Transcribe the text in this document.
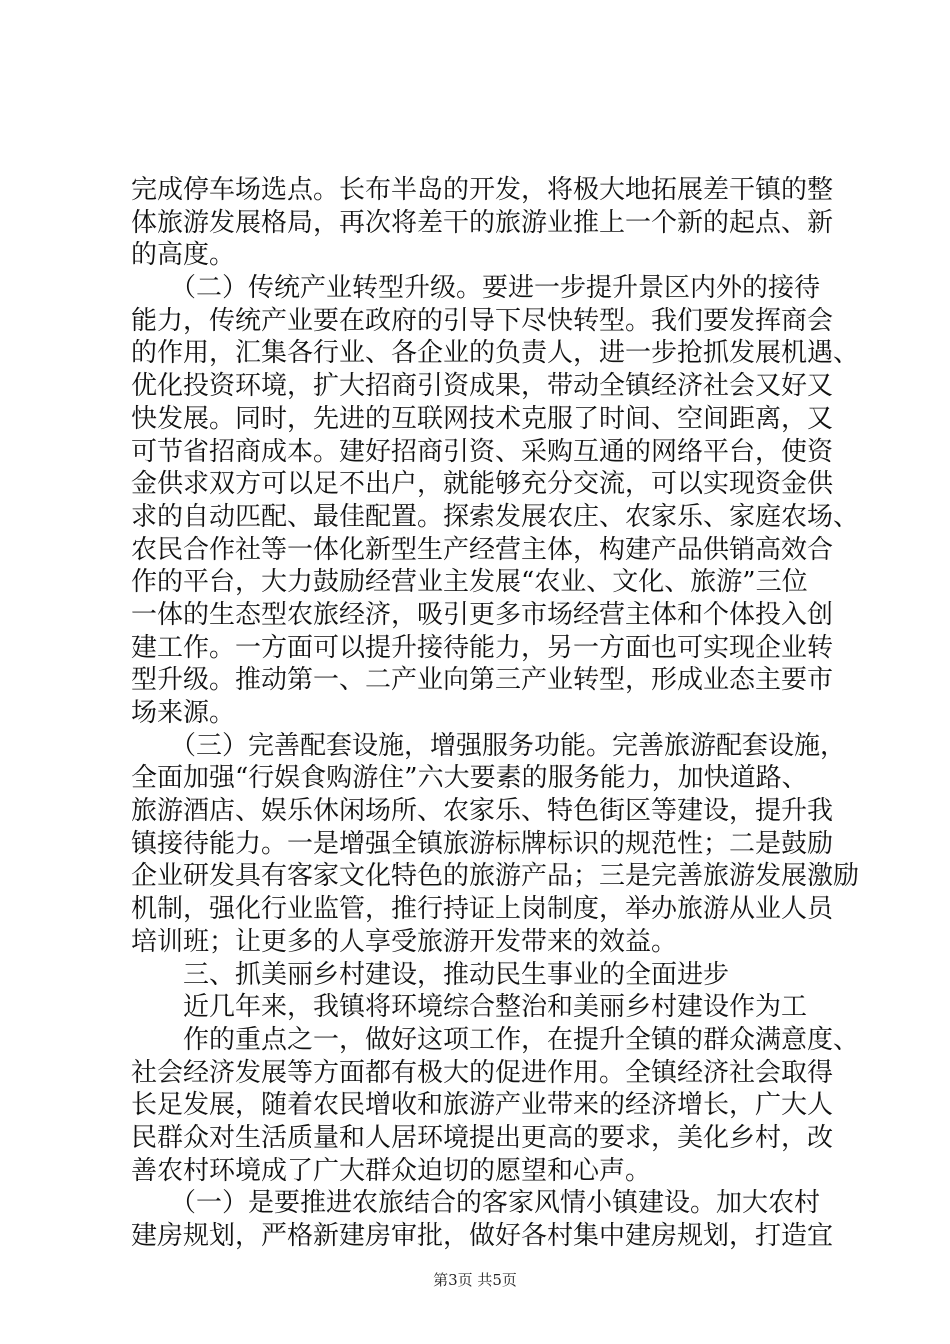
完成停车场选点。长布半岛的开发，将极大地拓展差干镇的整
体旅游发展格局，再次将差干的旅游业推上一个新的起点、新
的高度。
　　（二）传统产业转型升级。要进一步提升景区内外的接待
能力，传统产业要在政府的引导下尽快转型。我们要发挥商会
的作用，汇集各行业、各企业的负责人，进一步抢抓发展机遇、
优化投资环境，扩大招商引资成果，带动全镇经济社会又好又
快发展。同时，先进的互联网技术克服了时间、空间距离，又
可节省招商成本。建好招商引资、采购互通的网络平台，使资
金供求双方可以足不出户，就能够充分交流，可以实现资金供
求的自动匹配、最佳配置。探索发展农庄、农家乐、家庭农场、
农民合作社等一体化新型生产经营主体，构建产品供销高效合
作的平台，大力鼓励经营业主发展“农业、文化、旅游”三位
一体的生态型农旅经济，吸引更多市场经营主体和个体投入创
建工作。一方面可以提升接待能力，另一方面也可实现企业转
型升级。推动第一、二产业向第三产业转型，形成业态主要市
场来源。
　　（三）完善配套设施，增强服务功能。完善旅游配套设施，
全面加强“行娱食购游住”六大要素的服务能力，加快道路、
旅游酒店、娱乐休闲场所、农家乐、特色街区等建设，提升我
镇接待能力。一是增强全镇旅游标牌标识的规范性；二是鼓励
企业研发具有客家文化特色的旅游产品；三是完善旅游发展激励
机制，强化行业监管，推行持证上岗制度，举办旅游从业人员
培训班；让更多的人享受旅游开发带来的效益。
　　三、抓美丽乡村建设，推动民生事业的全面进步
　　近几年来，我镇将环境综合整治和美丽乡村建设作为工
　　作的重点之一，做好这项工作，在提升全镇的群众满意度、
社会经济发展等方面都有极大的促进作用。全镇经济社会取得
长足发展，随着农民增收和旅游产业带来的经济增长，广大人
民群众对生活质量和人居环境提出更高的要求，美化乡村，改
善农村环境成了广大群众迫切的愿望和心声。
　　（一）是要推进农旅结合的客家风情小镇建设。加大农村
建房规划，严格新建房审批，做好各村集中建房规划，打造宜
第3页 共5页
